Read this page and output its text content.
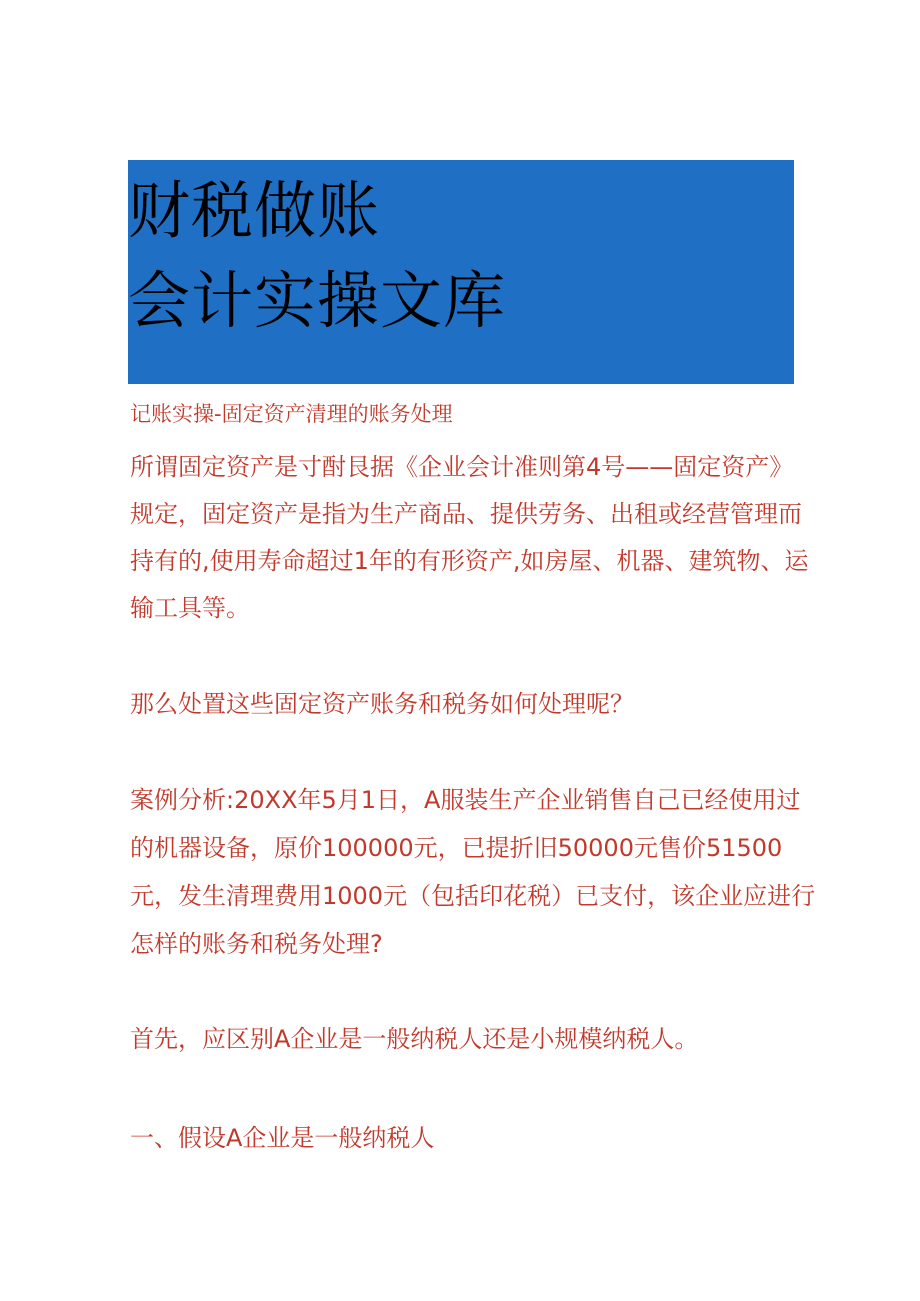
财税做账
会计实操文库
记账实操-固定资产清理的账务处理
所谓固定资产是寸酎艮据《企业会计准则第4号——固定资产》
规定，固定资产是指为生产商品、提供劳务、出租或经营管理而
持有的,使用寿命超过1年的有形资产,如房屋、机器、建筑物、运
输工具等。
那么处置这些固定资产账务和税务如何处理呢？
案例分析:20XX年5月1日，A服装生产企业销售自己已经使用过
的机器设备，原价100000元，已提折旧50000元售价51500
元，发生清理费用1000元（包括印花税）已支付，该企业应进行
怎样的账务和税务处理?
首先，应区别A企业是一般纳税人还是小规模纳税人。
一、假设A企业是一般纳税人
